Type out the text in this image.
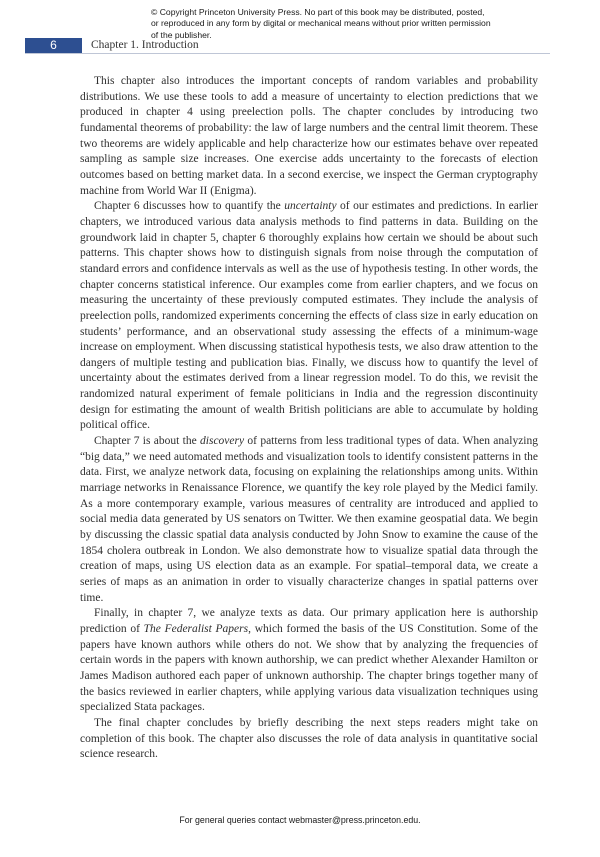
© Copyright Princeton University Press. No part of this book may be distributed, posted, or reproduced in any form by digital or mechanical means without prior written permission of the publisher.
6	Chapter 1. Introduction

This chapter also introduces the important concepts of random variables and probability distributions. We use these tools to add a measure of uncertainty to election predictions that we produced in chapter 4 using preelection polls. The chapter concludes by introducing two fundamental theorems of probability: the law of large numbers and the central limit theorem. These two theorems are widely applicable and help characterize how our estimates behave over repeated sampling as sample size increases. One exercise adds uncertainty to the forecasts of election outcomes based on betting market data. In a second exercise, we inspect the German cryptography machine from World War II (Enigma).

Chapter 6 discusses how to quantify the uncertainty of our estimates and predictions. In earlier chapters, we introduced various data analysis methods to find patterns in data. Building on the groundwork laid in chapter 5, chapter 6 thoroughly explains how certain we should be about such patterns. This chapter shows how to distinguish signals from noise through the computation of standard errors and confidence intervals as well as the use of hypothesis testing. In other words, the chapter concerns statistical inference. Our examples come from earlier chapters, and we focus on measuring the uncertainty of these previously computed estimates. They include the analysis of preelection polls, randomized experiments concerning the effects of class size in early education on students’ performance, and an observational study assessing the effects of a minimum-wage increase on employment. When discussing statistical hypothesis tests, we also draw attention to the dangers of multiple testing and publication bias. Finally, we discuss how to quantify the level of uncertainty about the estimates derived from a linear regression model. To do this, we revisit the randomized natural experiment of female politicians in India and the regression discontinuity design for estimating the amount of wealth British politicians are able to accumulate by holding political office.

Chapter 7 is about the discovery of patterns from less traditional types of data. When analyzing “big data,” we need automated methods and visualization tools to identify consistent patterns in the data. First, we analyze network data, focusing on explaining the relationships among units. Within marriage networks in Renaissance Florence, we quantify the key role played by the Medici family. As a more contemporary example, various measures of centrality are introduced and applied to social media data generated by US senators on Twitter. We then examine geospatial data. We begin by discussing the classic spatial data analysis conducted by John Snow to examine the cause of the 1854 cholera outbreak in London. We also demonstrate how to visualize spatial data through the creation of maps, using US election data as an example. For spatial–temporal data, we create a series of maps as an animation in order to visually characterize changes in spatial patterns over time.

Finally, in chapter 7, we analyze texts as data. Our primary application here is authorship prediction of The Federalist Papers, which formed the basis of the US Constitution. Some of the papers have known authors while others do not. We show that by analyzing the frequencies of certain words in the papers with known authorship, we can predict whether Alexander Hamilton or James Madison authored each paper of unknown authorship. The chapter brings together many of the basics reviewed in earlier chapters, while applying various data visualization techniques using specialized Stata packages.

The final chapter concludes by briefly describing the next steps readers might take on completion of this book. The chapter also discusses the role of data analysis in quantitative social science research.

For general queries contact webmaster@press.princeton.edu.
